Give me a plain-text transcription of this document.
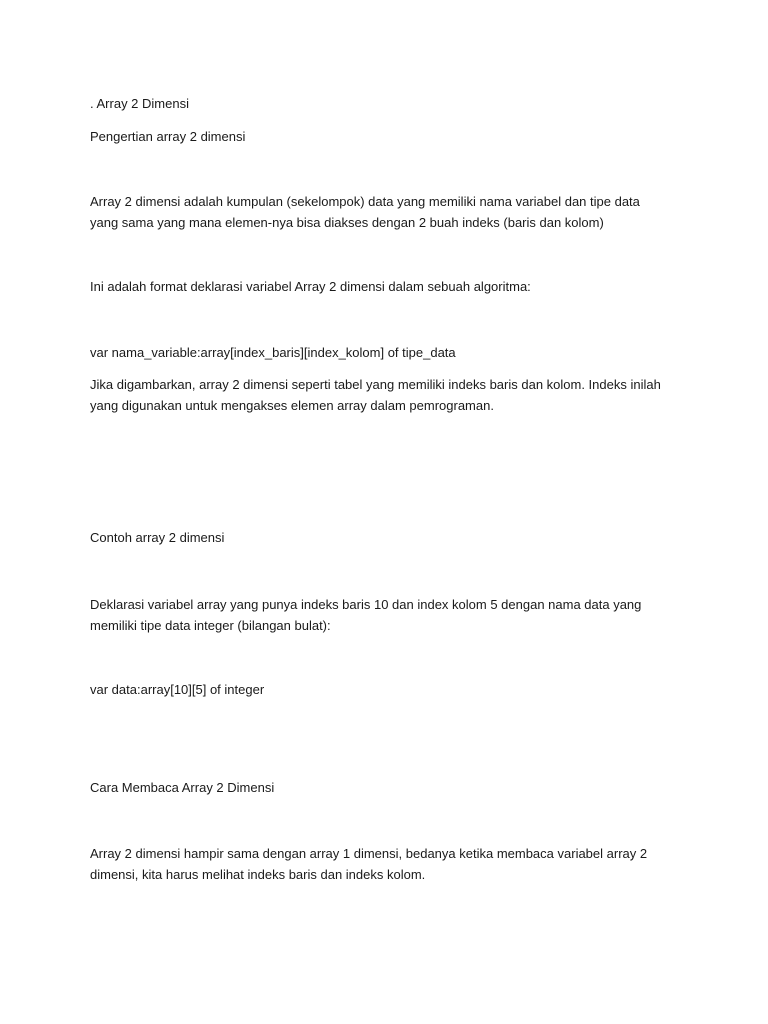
. Array 2 Dimensi
Pengertian array 2 dimensi
Array 2 dimensi adalah kumpulan (sekelompok) data yang memiliki nama variabel dan tipe data yang sama yang mana elemen-nya bisa diakses dengan 2 buah indeks (baris dan kolom)
Ini adalah format deklarasi variabel Array 2 dimensi dalam sebuah algoritma:
var nama_variable:array[index_baris][index_kolom] of tipe_data
Jika digambarkan, array 2 dimensi seperti tabel yang memiliki indeks baris dan kolom. Indeks inilah yang digunakan untuk mengakses elemen array dalam pemrograman.
Contoh array 2 dimensi
Deklarasi variabel array yang punya indeks baris 10 dan index kolom 5 dengan nama data yang memiliki tipe data integer (bilangan bulat):
var data:array[10][5] of integer
Cara Membaca Array 2 Dimensi
Array 2 dimensi hampir sama dengan array 1 dimensi, bedanya ketika membaca variabel array 2 dimensi, kita harus melihat indeks baris dan indeks kolom.
